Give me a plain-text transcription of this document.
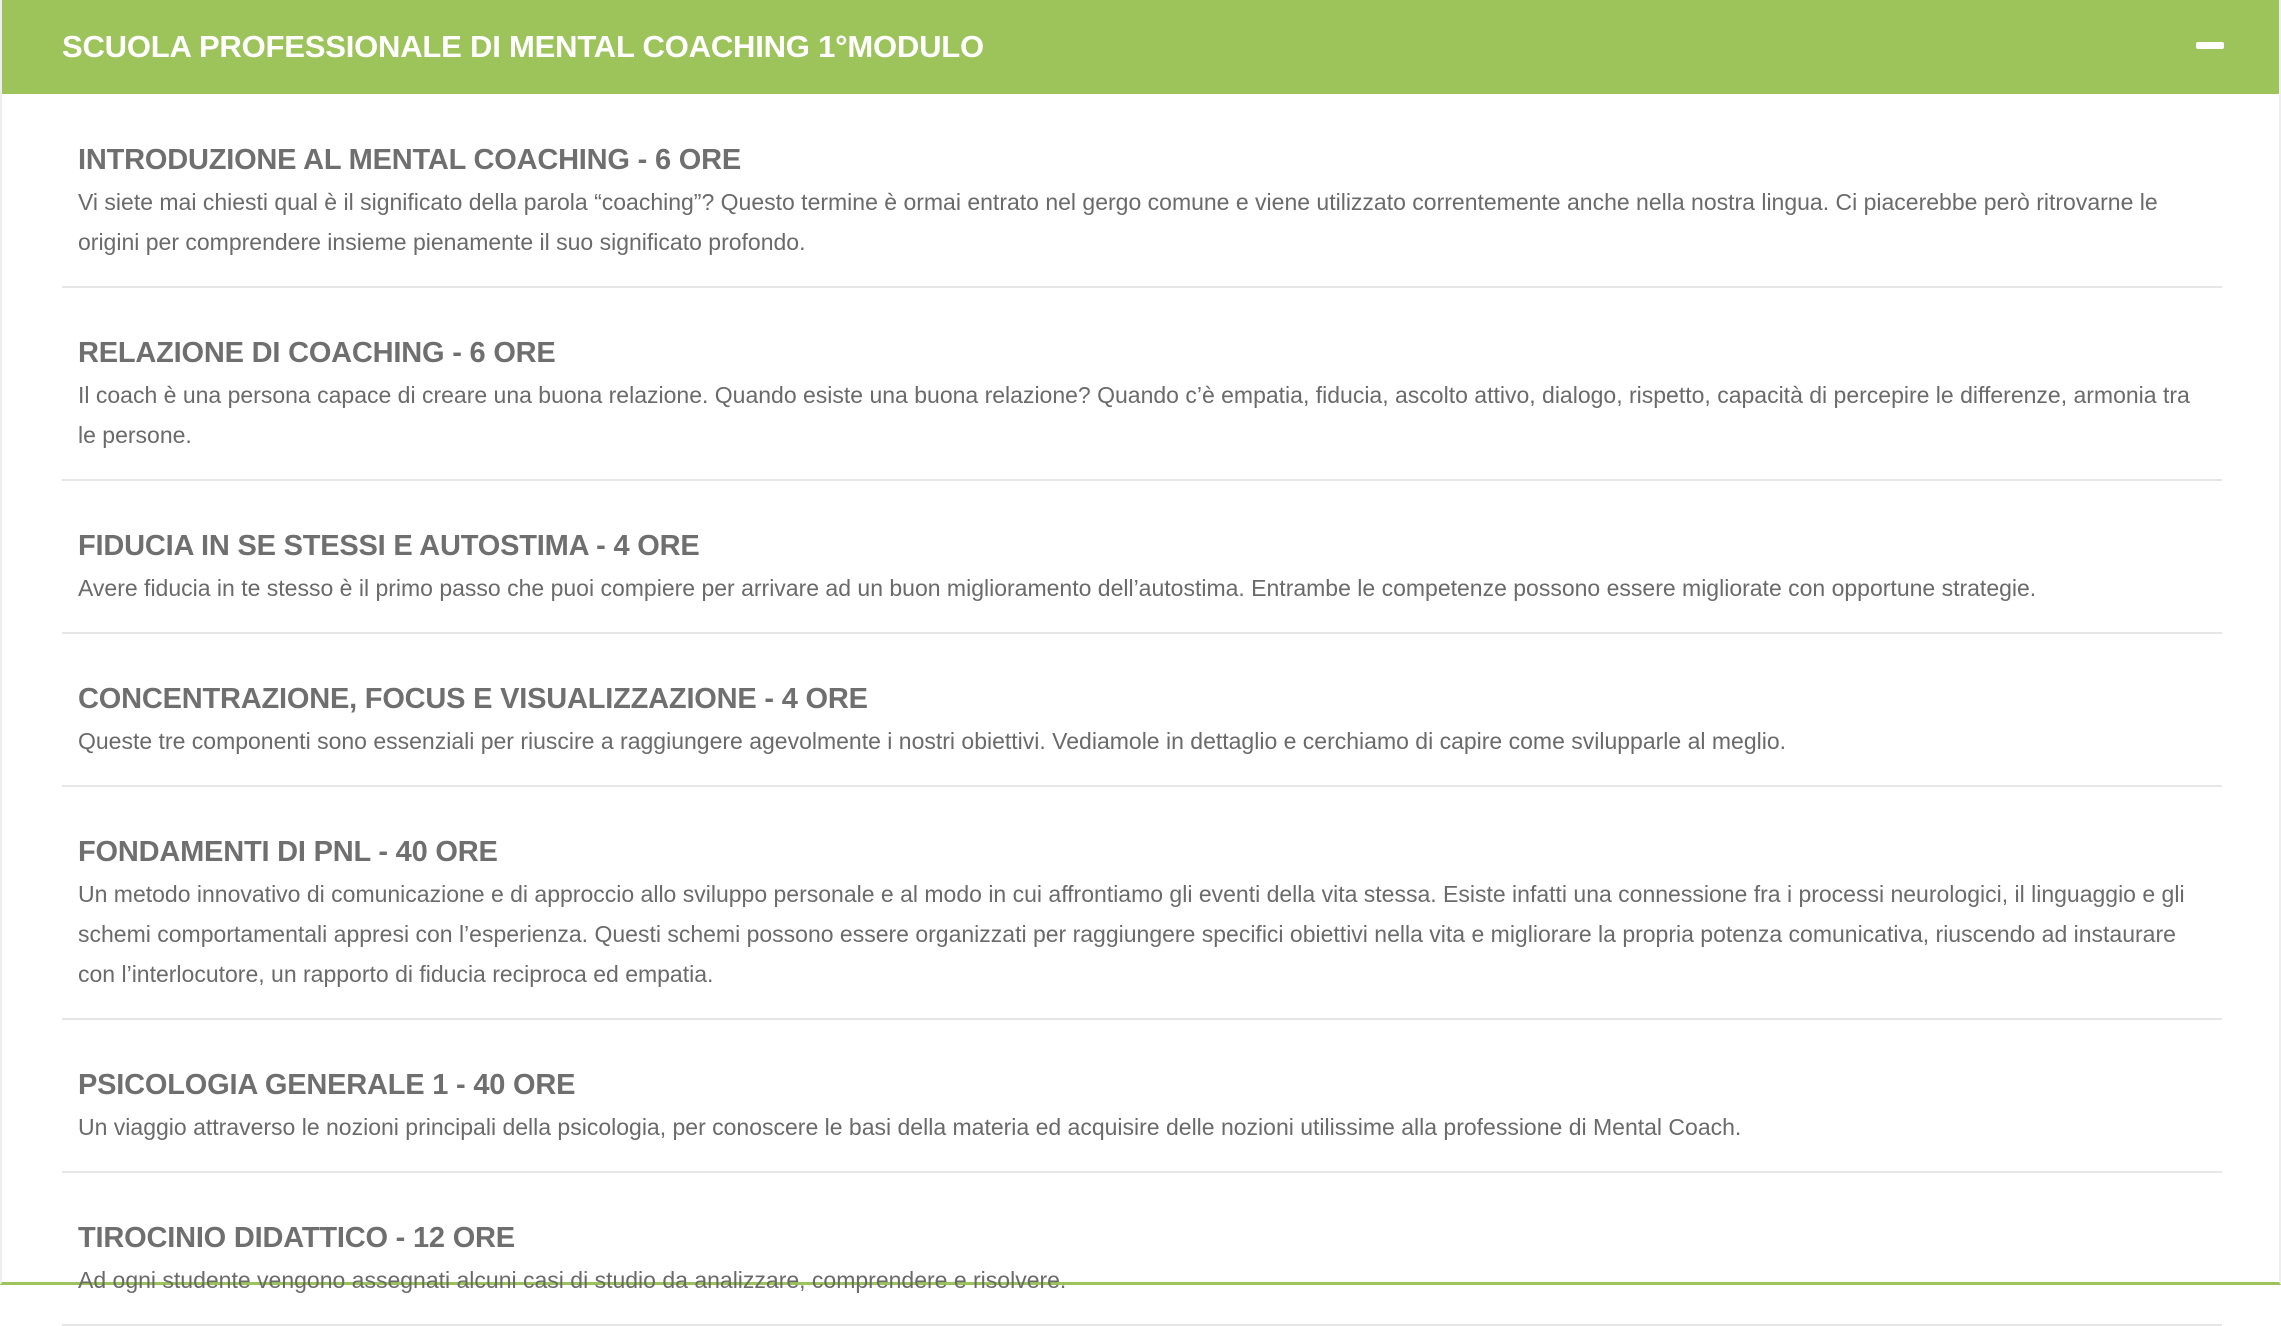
SCUOLA PROFESSIONALE DI MENTAL COACHING 1°MODULO
INTRODUZIONE AL MENTAL COACHING - 6 ORE

Vi siete mai chiesti qual è il significato della parola “coaching”? Questo termine è ormai entrato nel gergo comune e viene utilizzato correntemente anche nella nostra lingua. Ci piacerebbe però ritrovarne le origini per comprendere insieme pienamente il suo significato profondo.

RELAZIONE DI COACHING - 6 ORE

Il coach è una persona capace di creare una buona relazione. Quando esiste una buona relazione? Quando c’è empatia, fiducia, ascolto attivo, dialogo, rispetto, capacità di percepire le differenze, armonia tra le persone.

FIDUCIA IN SE STESSI E AUTOSTIMA - 4 ORE

Avere fiducia in te stesso è il primo passo che puoi compiere per arrivare ad un buon miglioramento dell’autostima. Entrambe le competenze possono essere migliorate con opportune strategie.

CONCENTRAZIONE, FOCUS E VISUALIZZAZIONE - 4 ORE

Queste tre componenti sono essenziali per riuscire a raggiungere agevolmente i nostri obiettivi. Vediamole in dettaglio e cerchiamo di capire come svilupparle al meglio.

FONDAMENTI DI PNL - 40 ORE

Un metodo innovativo di comunicazione e di approccio allo sviluppo personale e al modo in cui affrontiamo gli eventi della vita stessa. Esiste infatti una connessione fra i processi neurologici, il linguaggio e gli schemi comportamentali appresi con l’esperienza. Questi schemi possono essere organizzati per raggiungere specifici obiettivi nella vita e migliorare la propria potenza comunicativa, riuscendo ad instaurare con l’interlocutore, un rapporto di fiducia reciproca ed empatia.

PSICOLOGIA GENERALE 1 - 40 ORE

Un viaggio attraverso le nozioni principali della psicologia, per conoscere le basi della materia ed acquisire delle nozioni utilissime alla professione di Mental Coach.

TIROCINIO DIDATTICO - 12 ORE

Ad ogni studente vengono assegnati alcuni casi di studio da analizzare, comprendere e risolvere.
